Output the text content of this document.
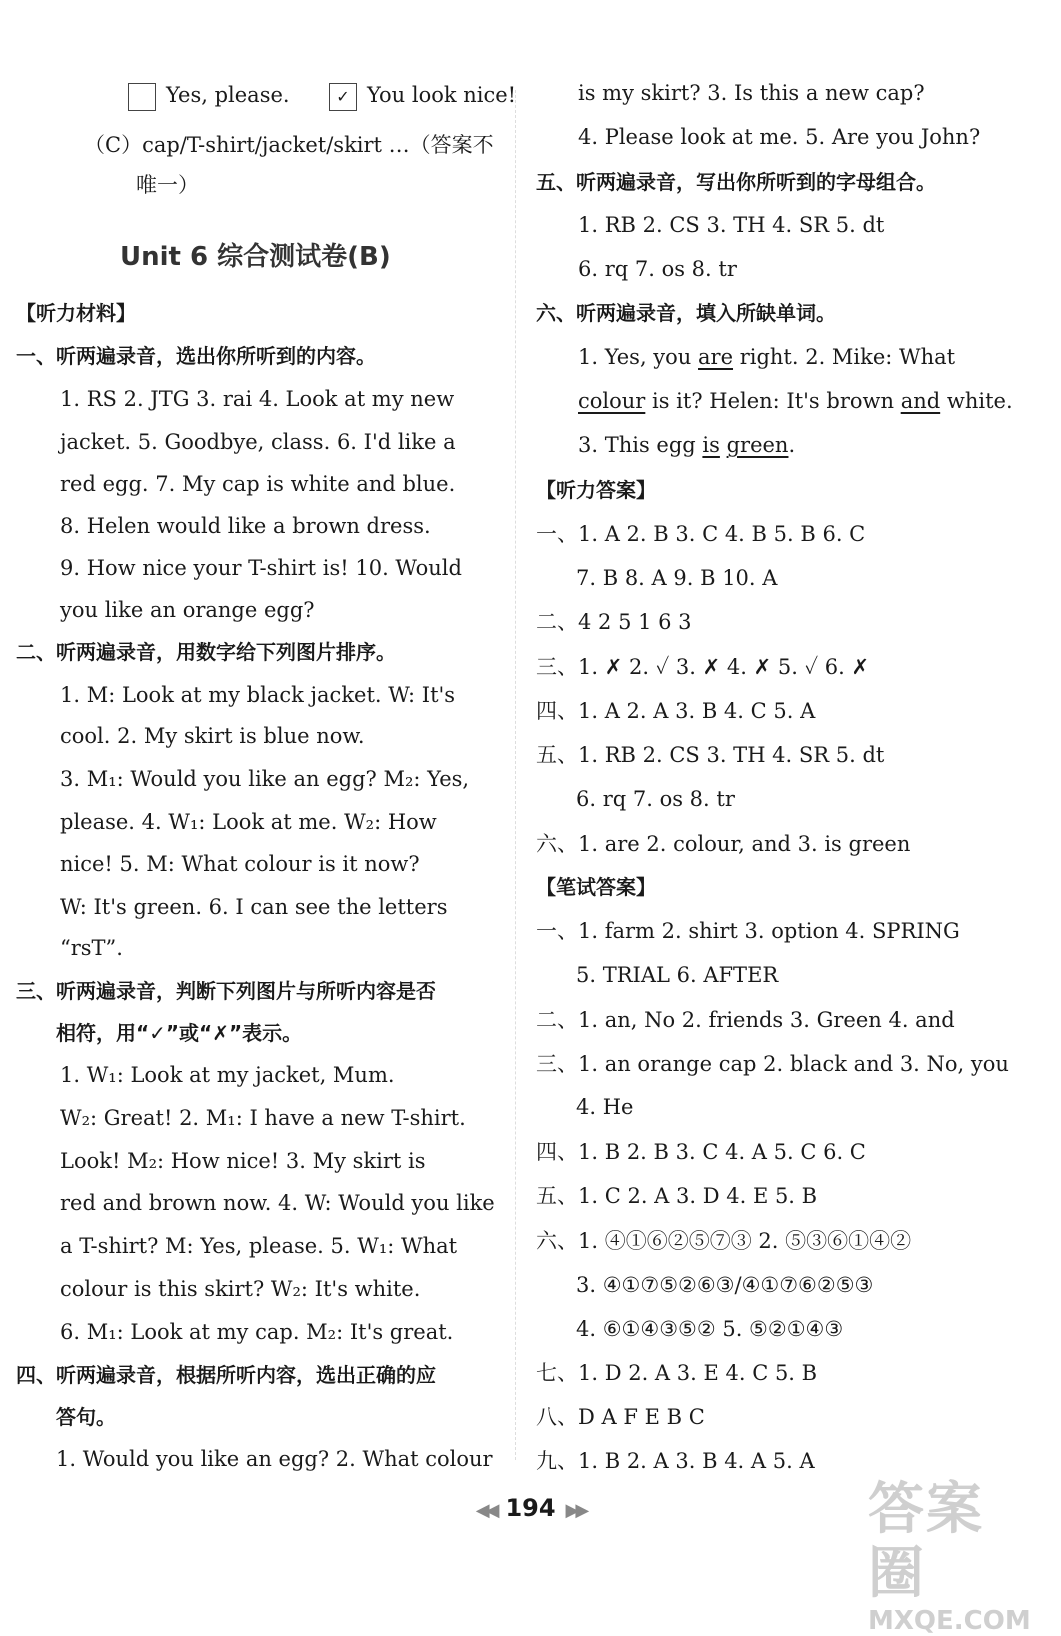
Yes, please.	✓ You look nice!
（C）cap/T-shirt/jacket/skirt …（答案不
唯一）
Unit 6 综合测试卷(B)
【听力材料】
一、听两遍录音，选出你所听到的内容。
1. RS 2. JTG 3. rai 4. Look at my new
jacket. 5. Goodbye, class. 6. I'd like a
red egg. 7. My cap is white and blue.
8. Helen would like a brown dress.
9. How nice your T-shirt is! 10. Would
you like an orange egg?
二、听两遍录音，用数字给下列图片排序。
1. M: Look at my black jacket. W: It's
cool. 2. My skirt is blue now.
3. M₁: Would you like an egg? M₂: Yes,
please. 4. W₁: Look at me. W₂: How
nice! 5. M: What colour is it now?
W: It's green. 6. I can see the letters
“rsT”.
三、听两遍录音，判断下列图片与所听内容是否
相符，用“✓”或“✗”表示。
1. W₁: Look at my jacket, Mum.
W₂: Great! 2. M₁: I have a new T-shirt.
Look! M₂: How nice! 3. My skirt is
red and brown now. 4. W: Would you like
a T-shirt? M: Yes, please. 5. W₁: What
colour is this skirt? W₂: It's white.
6. M₁: Look at my cap. M₂: It's great.
四、听两遍录音，根据所听内容，选出正确的应
答句。
1. Would you like an egg? 2. What colour
is my skirt? 3. Is this a new cap?
4. Please look at me. 5. Are you John?
五、听两遍录音，写出你所听到的字母组合。
1. RB 2. CS 3. TH 4. SR 5. dt
6. rq 7. os 8. tr
六、听两遍录音，填入所缺单词。
1. Yes, you are right. 2. Mike: What
colour is it? Helen: It's brown and white.
3. This egg is green.
【听力答案】
一、1. A 2. B 3. C 4. B 5. B 6. C
7. B 8. A 9. B 10. A
二、4 2 5 1 6 3
三、1. ✗ 2. ✓ 3. ✗ 4. ✗ 5. ✓ 6. ✗
四、1. A 2. A 3. B 4. C 5. A
五、1. RB 2. CS 3. TH 4. SR 5. dt
6. rq 7. os 8. tr
六、1. are 2. colour, and 3. is green
【笔试答案】
一、1. farm 2. shirt 3. option 4. SPRING
5. TRIAL 6. AFTER
二、1. an, No 2. friends 3. Green 4. and
三、1. an orange cap 2. black and 3. No, you
4. He
四、1. B 2. B 3. C 4. A 5. C 6. C
五、1. C 2. A 3. D 4. E 5. B
六、1. ④①⑥②⑤⑦③ 2. ⑤③⑥①④②
3. ④①⑦⑤②⑥③/④①⑦⑥②⑤③
4. ⑥①④③⑤② 5. ⑤②①④③
七、1. D 2. A 3. E 4. C 5. B
八、D A F E B C
九、1. B 2. A 3. B 4. A 5. A
◀◀ 194 ▶▶	答案圈
MXQE.COM
